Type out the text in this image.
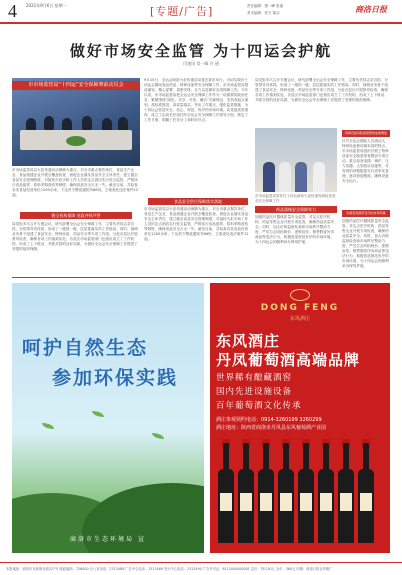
4 2021年9月6日 星期一	[专题/广告]	责任编辑：程一峰 张丽
美术编辑：张方 陈洁	商洛日报
做好市场安全监管 为十四运会护航
闫建国 常一峰 许 通
市市场监管局“十四运”安全保障赛前动员会
9月15日，全运会商洛火炬传递活动将在我市举行。为切实做好十四运会期间食品药品、特种设备等安全保障工作，市市场监管局提前谋划、精心部署、周密安排，全力以赴做好各项保障工作。今年以来，市市场监管局把全运会安全保障工作作为一项重要的政治任务，紧紧围绕“绿色、共享、开放、廉洁”办赛理念，坚持高起点谋划、高标准推进、高质量落实，突出工作重点，强化监管措施，为十四运会营造安全、放心、规范、有序的市场环境。局党组高度重视，成立了由局长任组长的全运会安全保障工作领导小组，制定了工作方案，明确了任务分工和时间节点。
局党组多次召开专题会议，研究部署全运会安全保障工作，主要负责同志亲自抓、分管领导具体抓，形成了一级抓一级、层层抓落实的工作格局。同时，抽调业务骨干组建了食品安全、特种设备、药品安全等专项工作组，分赴各县区开展督导检查，确保各项工作落到实处。各县区市场监管部门也相应成立了工作机构，形成了上下联动、齐抓共管的良好局面，为做好全运会安全保障工作提供了坚强的组织保障。
市市场监管局以火炬传递活动保障为重点，对全市重点餐饮单位、食品生产企业、食品流通企业开展全覆盖检查，督促企业落实食品安全主体责任，建立健全食品安全管理制度。对接待火炬手和工作人员的定点酒店实行驻点监管，严格执行食品留样、原料采购查验等制度，确保食品安全万无一失。截至目前，共检查各类食品经营单位1200余家，下达责令整改通知书86份，立案查处违法案件12起。
健全机构保障 党政齐抓共管
局党组多次召开专题会议，研究部署全运会安全保障工作，主要负责同志亲自抓、分管领导具体抓，形成了一级抓一级、层层抓落实的工作格局。同时，抽调业务骨干组建了食品安全、特种设备、药品安全等专项工作组，分赴各县区开展督导检查，确保各项工作落到实处。各县区市场监管部门也相应成立了工作机构，形成了上下联动、齐抓共管的良好局面，为做好全运会安全保障工作提供了坚强的组织保障。
食品安全供应保障落实落地
市市场监管局以火炬传递活动保障为重点，对全市重点餐饮单位、食品生产企业、食品流通企业开展全覆盖检查，督促企业落实食品安全主体责任，建立健全食品安全管理制度。对接待火炬手和工作人员的定点酒店实行驻点监管，严格执行食品留样、原料采购查验等制度，确保食品安全万无一失。截至目前，共检查各类食品经营单位1200余家，下达责令整改通知书86份，立案查处违法案件12起。
特种设备风险排查整改成效明显
针对全运会期间人员流动大、特种设备使用频率高的特点，市市场监管局组织开展了特种设备安全隐患排查整治专项行动，重点检查电梯、锅炉、压力容器、大型游乐设施等，对发现的问题隐患实行清单化管理，逐项督促整改，确保设备安全运行。
市市场监管局领导在十四运商洛火炬传递现场检查食品安全保障工作
药品器械安全保障有力
加强药品医疗器械质量安全监管，对定点医疗机构、药品零售企业开展专项检查，确保药品质量安全。同时，加大价格监督检查和市场秩序整治力度，严厉打击哄抬物价、虚假宣传、销售假冒伪劣商品等违法行为，积极营造规范有序的市场环境，为十四运会的顺利举办保驾护航。
积极营造规范有序的市场环境
加强药品医疗器械质量安全监管，对定点医疗机构、药品零售企业开展专项检查，确保药品质量安全。同时，加大价格监督检查和市场秩序整治力度，严厉打击哄抬物价、虚假宣传、销售假冒伪劣商品等违法行为，积极营造规范有序的市场环境，为十四运会的顺利举办保驾护航。
呵护自然生态
参加环保实践
商洛市生态环境局 宣
DONG FENG
东风酒庄
东风酒庄
丹凤葡萄酒高端品牌
世界稀有酿藏酒窖
国内先进设施设备
百年葡萄酒文化传承
酒庄参观预约电话：0914-3260199 3260299
酒庄地址：陕西省商洛市丹凤县东风葡萄酒产业园
本报地址：商洛市北新街北段227号 邮政编码：726000 办公室电话：2313488 广告中心电话：2313489 发行中心电话：2313490 广告许可证：6112004000001 定价：每月30元 全年：360元 印刷：商洛日报社印刷厂
